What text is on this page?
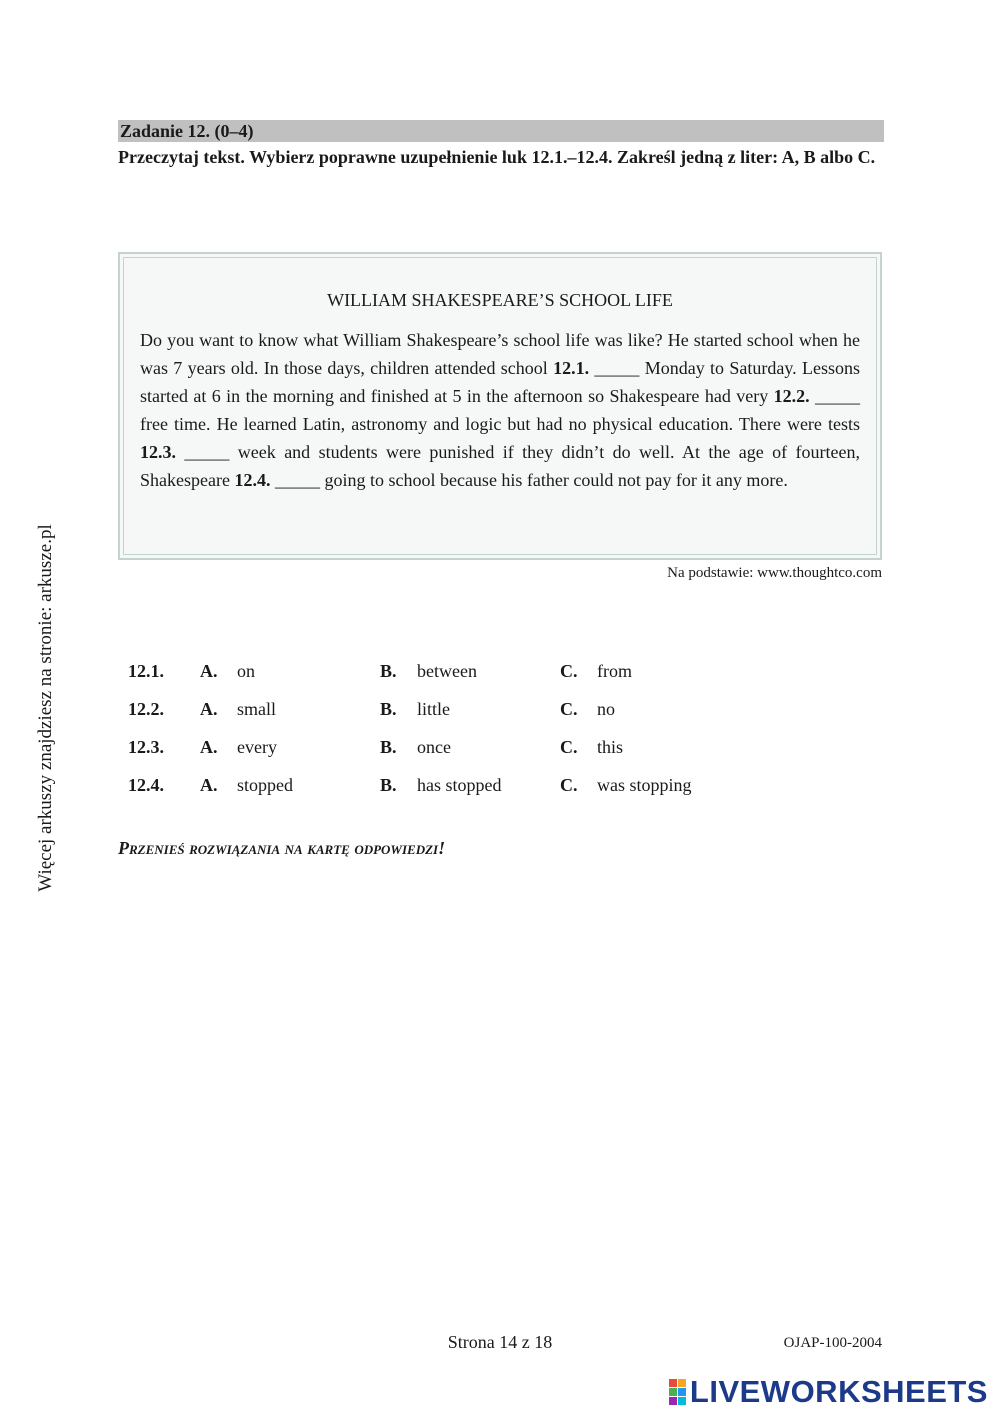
Zadanie 12. (0–4)
Przeczytaj tekst. Wybierz poprawne uzupełnienie luk 12.1.–12.4. Zakreśl jedną z liter: A, B albo C.
WILLIAM SHAKESPEARE’S SCHOOL LIFE

Do you want to know what William Shakespeare’s school life was like? He started school when he was 7 years old. In those days, children attended school 12.1. _____ Monday to Saturday. Lessons started at 6 in the morning and finished at 5 in the afternoon so Shakespeare had very 12.2. _____ free time. He learned Latin, astronomy and logic but had no physical education. There were tests 12.3. _____ week and students were punished if they didn’t do well. At the age of fourteen, Shakespeare 12.4. _____ going to school because his father could not pay for it any more.

Na podstawie: www.thoughtco.com
12.1.	A.	on	B.	between	C.	from
12.2.	A.	small	B.	little	C.	no
12.3.	A.	every	B.	once	C.	this
12.4.	A.	stopped	B.	has stopped	C.	was stopping
Przenieś rozwiązania na kartę odpowiedzi!
Więcej arkuszy znajdziesz na stronie: arkusze.pl
Strona 14 z 18	OJAP-100-2004
LIVEWORKSHEETS
